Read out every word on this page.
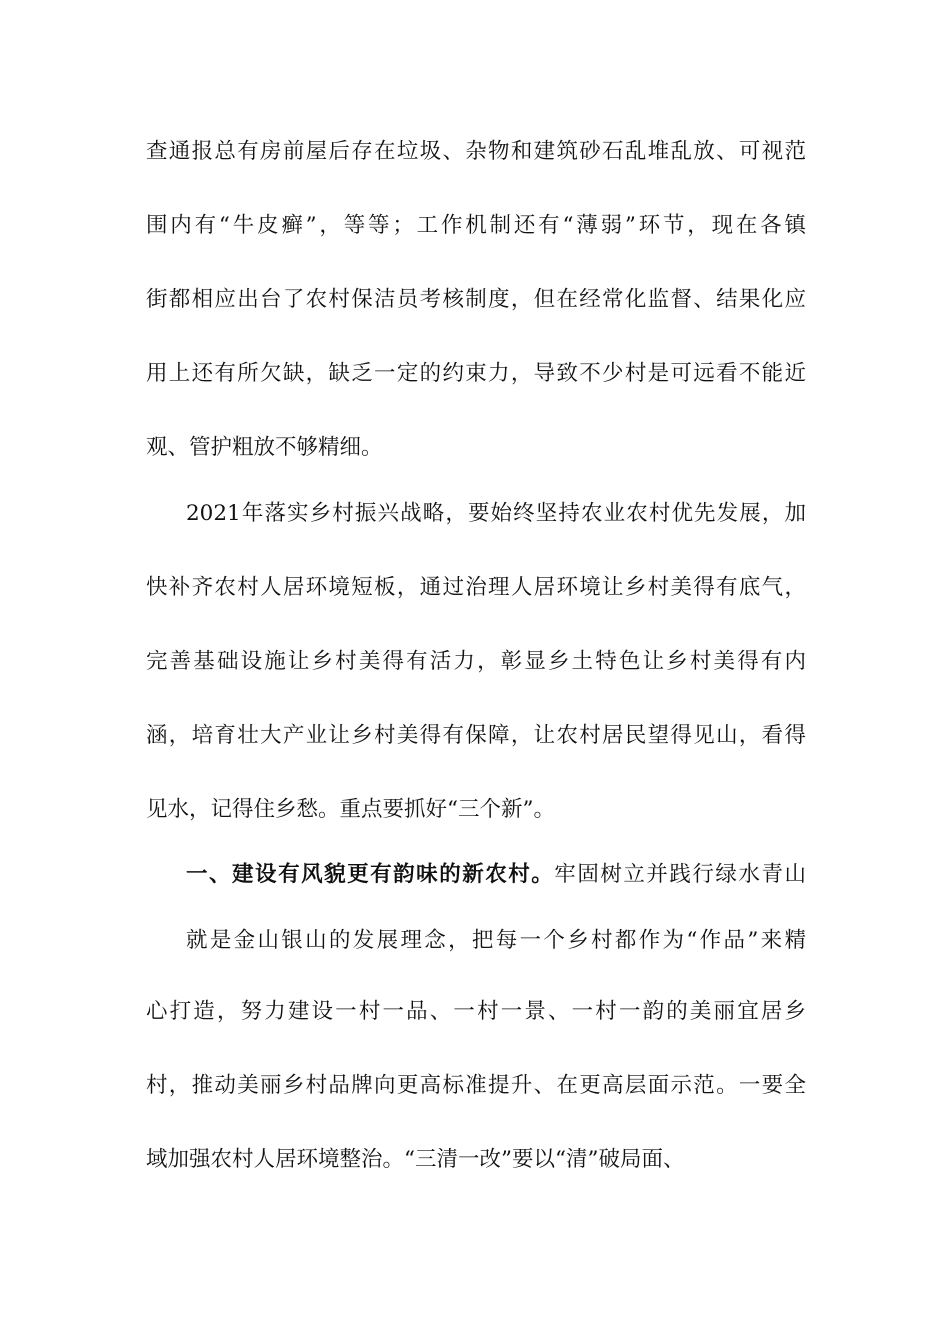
查通报总有房前屋后存在垃圾、杂物和建筑砂石乱堆乱放、可视范
围内有“牛皮癣”，等等；工作机制还有“薄弱”环节，现在各镇
街都相应出台了农村保洁员考核制度，但在经常化监督、结果化应
用上还有所欠缺，缺乏一定的约束力，导致不少村是可远看不能近
观、管护粗放不够精细。
2021年落实乡村振兴战略，要始终坚持农业农村优先发展，加
快补齐农村人居环境短板，通过治理人居环境让乡村美得有底气，
完善基础设施让乡村美得有活力，彰显乡土特色让乡村美得有内
涵，培育壮大产业让乡村美得有保障，让农村居民望得见山，看得
见水，记得住乡愁。重点要抓好“三个新”。
一、建设有风貌更有韵味的新农村。牢固树立并践行绿水青山
就是金山银山的发展理念，把每一个乡村都作为“作品”来精
心打造，努力建设一村一品、一村一景、一村一韵的美丽宜居乡
村，推动美丽乡村品牌向更高标准提升、在更高层面示范。一要全
域加强农村人居环境整治。“三清一改”要以“清”破局面、
